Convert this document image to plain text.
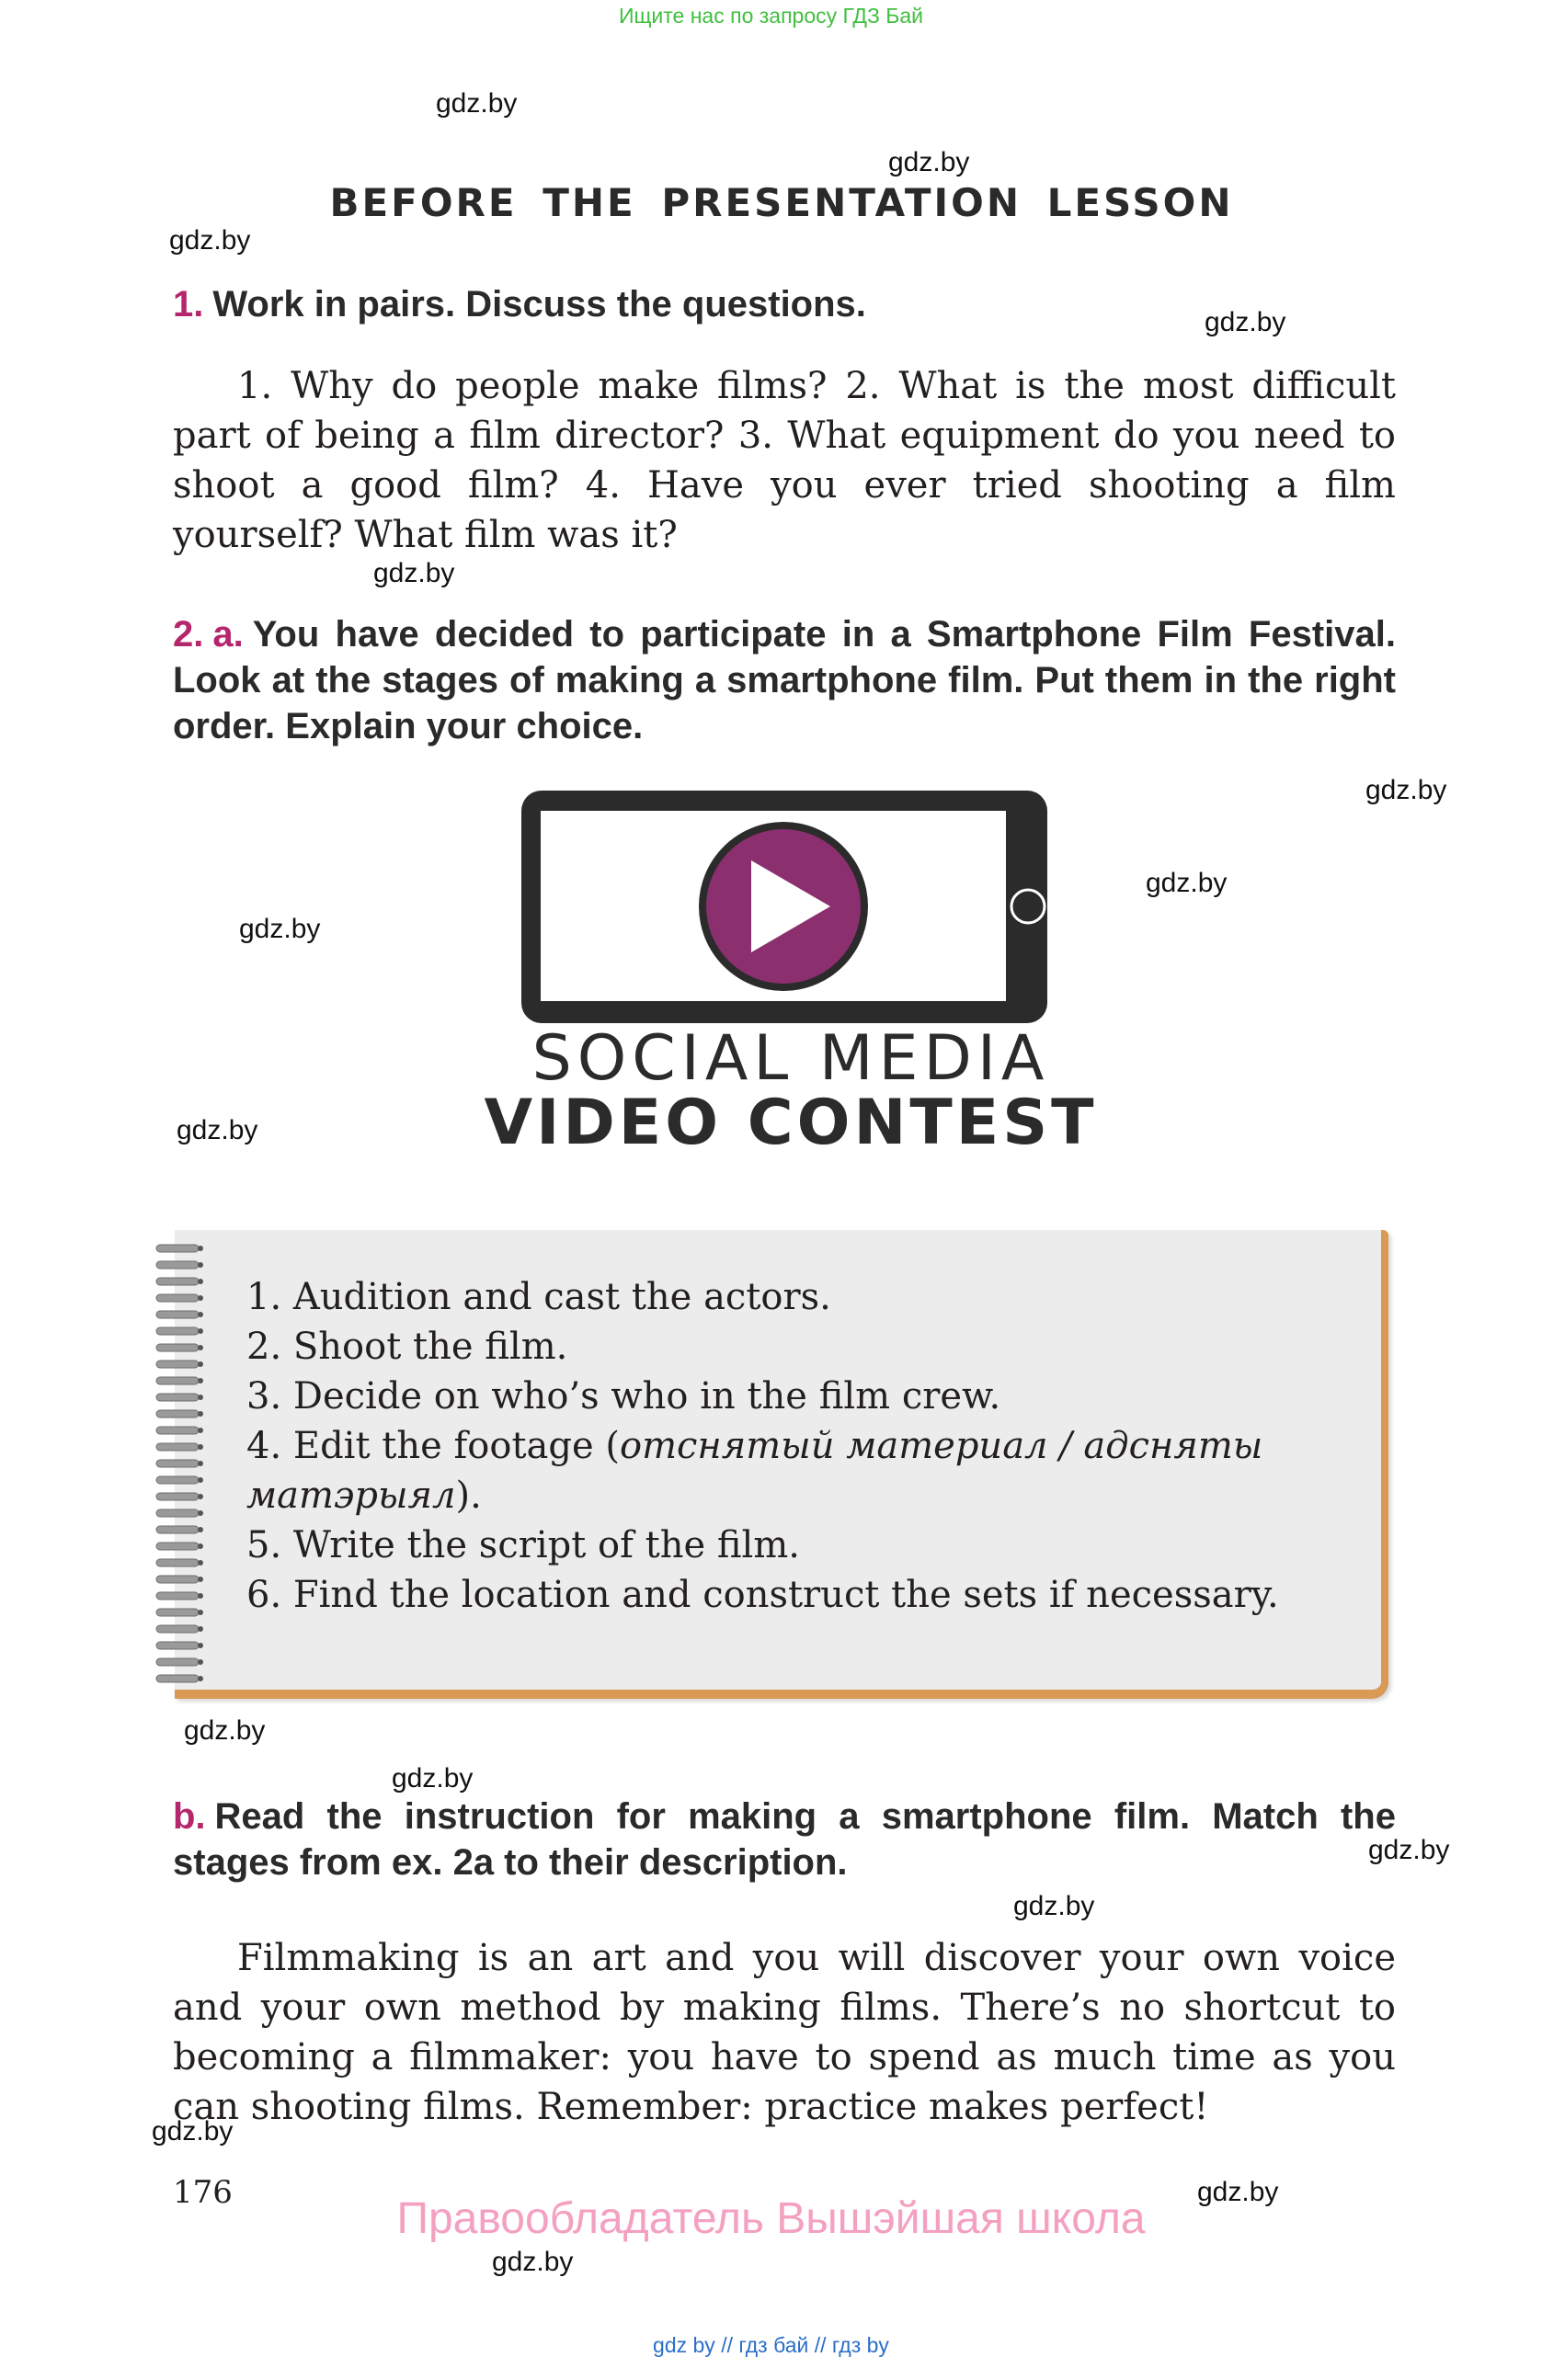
Ищите нас по запросу ГДЗ Бай
gdz.by
gdz.by
gdz.by
gdz.by
gdz.by
gdz.by
gdz.by
gdz.by
gdz.by
gdz.by
gdz.by
gdz.by
gdz.by
gdz.by
gdz.by
gdz.by
BEFORE THE PRESENTATION LESSON
1. Work in pairs. Discuss the questions.

1. Why do people make films? 2. What is the most difficult part of being a film director? 3. What equipment do you need to shoot a good film? 4. Have you ever tried shooting a film yourself? What film was it?

2. a. You have decided to participate in a Smartphone Film Festival. Look at the stages of making a smartphone film. Put them in the right order. Explain your choice.
SOCIAL MEDIA
VIDEO CONTEST
1. Audition and cast the actors.
2. Shoot the film.
3. Decide on who’s who in the film crew.
4. Edit the footage (отснятый материал / адсняты
матэрыял).
5. Write the script of the film.
6. Find the location and construct the sets if necessary.
b. Read the instruction for making a smartphone film. Match the stages from ex. 2a to their description.

Filmmaking is an art and you will discover your own voice and your own method by making films. There’s no shortcut to becoming a filmmaker: you have to spend as much time as you can shooting films. Remember: practice makes perfect!

176
Правообладатель Вышэйшая школа
gdz by // гдз бай // гдз by
